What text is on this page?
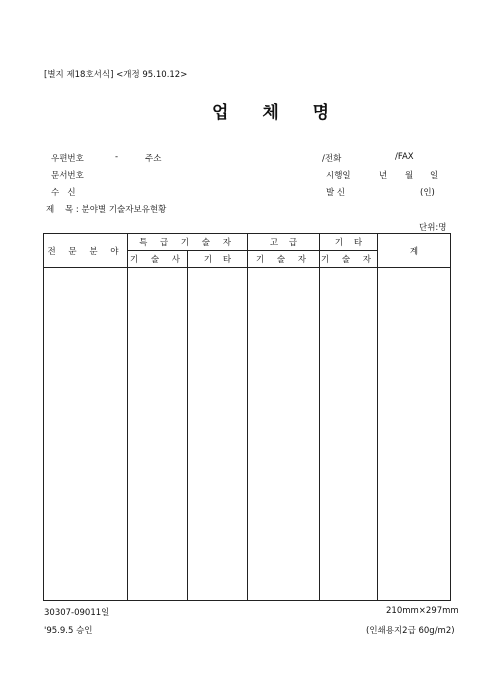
[별지 제18호서식] <개정 95.10.12>
업 체 명
우편번호	-	주소	/전화	/FAX
문서번호	시행일	년 월 일
수   신	발 신	(인)
제    목 : 분야별 기술자보유현황
단위:명
전 문 분 야	특 급 기 술 자		고    급	기    타	계
	기 술 사	기    타	기 술 자	기 술 자	

30307-09011일	210mm×297mm
'95.9.5 승인	(인쇄용지2급 60g/m2)
